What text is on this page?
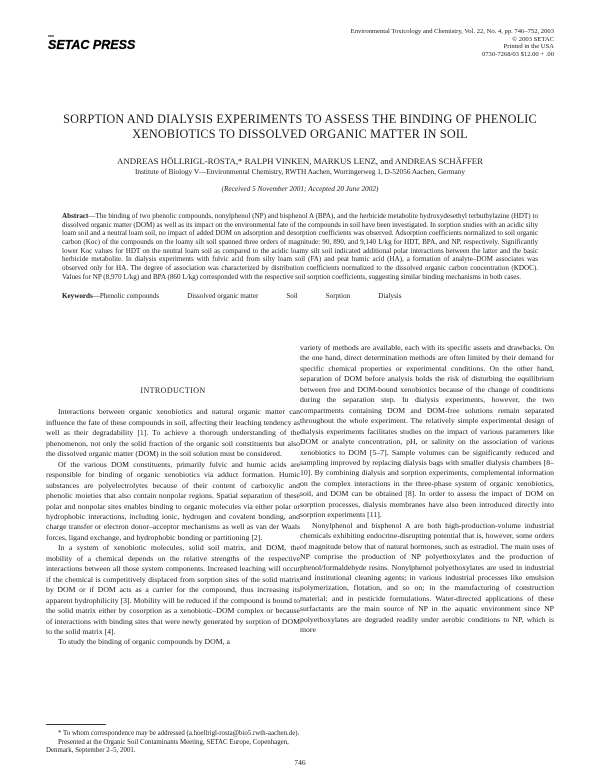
SETAC PRESS
Environmental Toxicology and Chemistry, Vol. 22, No. 4, pp. 746–752, 2003
© 2003 SETAC
Printed in the USA
0730-7268/03 $12.00 + .00
SORPTION AND DIALYSIS EXPERIMENTS TO ASSESS THE BINDING OF PHENOLIC XENOBIOTICS TO DISSOLVED ORGANIC MATTER IN SOIL
ANDREAS HÖLLRIGL-ROSTA,* RALPH VINKEN, MARKUS LENZ, and ANDREAS SCHÄFFER
Institute of Biology V—Environmental Chemistry, RWTH Aachen, Worringerweg 1, D-52056 Aachen, Germany
(Received 5 November 2001; Accepted 20 June 2002)
Abstract—The binding of two phenolic compounds, nonylphenol (NP) and bisphenol A (BPA), and the herbicide metabolite hydroxydesethyl terbuthylazine (HDT) to dissolved organic matter (DOM) as well as its impact on the environmental fate of the compounds in soil have been investigated. In sorption studies with an acidic silty loam soil and a neutral loam soil, no impact of added DOM on adsorption and desorption coefficients was observed. Adsorption coefficients normalized to soil organic carbon (Koc) of the compounds on the loamy silt soil spanned three orders of magnitude: 90, 890, and 9,140 L/kg for HDT, BPA, and NP, respectively. Significantly lower Koc values for HDT on the neutral loam soil as compared to the acidic loamy silt soil indicated additional polar interactions between the latter and the basic herbicide metabolite. In dialysis experiments with fulvic acid from silty loam soil (FA) and peat humic acid (HA), a formation of analyte–DOM associates was observed only for HA. The degree of association was characterized by distribution coefficients normalized to the dissolved organic carbon concentration (KDOC). Values for NP (8,970 L/kg) and BPA (860 L/kg) corresponded with the respective soil sorption coefficients, suggesting similar binding mechanisms in both cases.
Keywords—Phenolic compounds	Dissolved organic matter	Soil	Sorption	Dialysis
INTRODUCTION

Interactions between organic xenobiotics and natural organic matter can influence the fate of these compounds in soil, affecting their leaching tendency as well as their degradability [1]. To achieve a thorough understanding of the phenomenon, not only the solid fraction of the organic soil constituents but also the dissolved organic matter (DOM) in the soil solution must be considered.

Of the various DOM constituents, primarily fulvic and humic acids are responsible for binding of organic xenobiotics via adduct formation. Humic substances are polyelectrolytes because of their content of carboxylic and phenolic moieties that also contain nonpolar regions. Spatial separation of these polar and nonpolar sites enables binding to organic molecules via either polar or hydrophobic interactions, including ionic, hydrogen and covalent bonding, and charge transfer or electron donor–acceptor mechanisms as well as van der Waals forces, ligand exchange, and hydrophobic bonding or partitioning [2].

In a system of xenobiotic molecules, solid soil matrix, and DOM, the mobility of a chemical depends on the relative strengths of the respective interactions between all those system components. Increased leaching will occur if the chemical is competitively displaced from sorption sites of the solid matrix by DOM or if DOM acts as a carrier for the compound, thus increasing its apparent hydrophilicity [3]. Mobility will be reduced if the compound is bound to the solid matrix either by cosorption as a xenobiotic–DOM complex or because of interactions with binding sites that were newly generated by sorption of DOM to the solid matrix [4].

To study the binding of organic compounds by DOM, a

* To whom correspondence may be addressed (a.hoellrigl-rosta@bio5.rwth-aachen.de).

Presented at the Organic Soil Contaminants Meeting, SETAC Europe, Copenhagen, Denmark, September 2–5, 2001.

variety of methods are available, each with its specific assets and drawbacks. On the one hand, direct determination methods are often limited by their demand for specific chemical properties or experimental conditions. On the other hand, separation of DOM before analysis holds the risk of disturbing the equilibrium between free and DOM-bound xenobiotics because of the change of conditions during the separation step. In dialysis experiments, however, the two compartments containing DOM and DOM-free solutions remain separated throughout the whole experiment. The relatively simple experimental design of dialysis experiments facilitates studies on the impact of various parameters like DOM or analyte concentration, pH, or salinity on the association of various xenobiotics to DOM [5–7]. Sample volumes can be significantly reduced and sampling improved by replacing dialysis bags with smaller dialysis chambers [8–10]. By combining dialysis and sorption experiments, complemental information on the complex interactions in the three-phase system of organic xenobiotics, soil, and DOM can be obtained [8]. In order to assess the impact of DOM on sorption processes, dialysis membranes have also been introduced directly into sorption experiments [11].

Nonylphenol and bisphenol A are both high-production-volume industrial chemicals exhibiting endocrine-disrupting potential that is, however, some orders of magnitude below that of natural hormones, such as estradiol. The main uses of NP comprise the production of NP polyethoxylates and the production of phenol/formaldehyde resins. Nonylphenol polyethoxylates are used in industrial and institutional cleaning agents; in various industrial processes like emulsion polymerization, flotation, and so on; in the manufacturing of construction material; and in pesticide formulations. Water-directed applications of these surfactants are the main source of NP in the aquatic environment since NP polyethoxylates are degraded readily under aerobic conditions to NP, which is more

746
